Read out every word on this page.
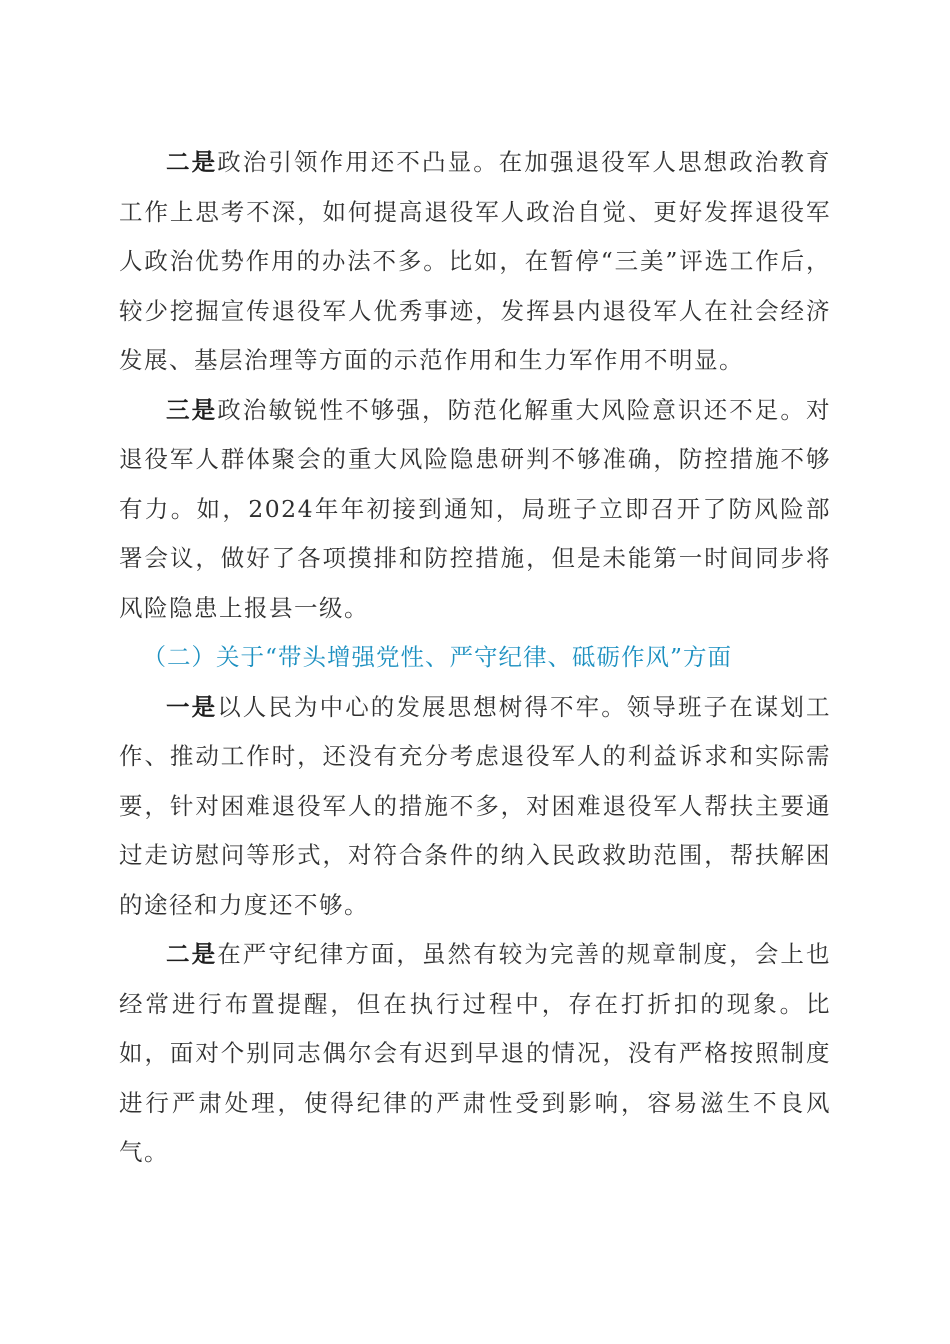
二是政治引领作用还不凸显。在加强退役军人思想政治教育工作上思考不深，如何提高退役军人政治自觉、更好发挥退役军人政治优势作用的办法不多。比如，在暂停“三美”评选工作后，较少挖掘宣传退役军人优秀事迹，发挥县内退役军人在社会经济发展、基层治理等方面的示范作用和生力军作用不明显。

三是政治敏锐性不够强，防范化解重大风险意识还不足。对退役军人群体聚会的重大风险隐患研判不够准确，防控措施不够有力。如，2024年年初接到通知，局班子立即召开了防风险部署会议，做好了各项摸排和防控措施，但是未能第一时间同步将风险隐患上报县一级。

（二）关于“带头增强党性、严守纪律、砥砺作风”方面

一是以人民为中心的发展思想树得不牢。领导班子在谋划工作、推动工作时，还没有充分考虑退役军人的利益诉求和实际需要，针对困难退役军人的措施不多，对困难退役军人帮扶主要通过走访慰问等形式，对符合条件的纳入民政救助范围，帮扶解困的途径和力度还不够。

二是在严守纪律方面，虽然有较为完善的规章制度，会上也经常进行布置提醒，但在执行过程中，存在打折扣的现象。比如，面对个别同志偶尔会有迟到早退的情况，没有严格按照制度进行严肃处理，使得纪律的严肃性受到影响，容易滋生不良风气。
